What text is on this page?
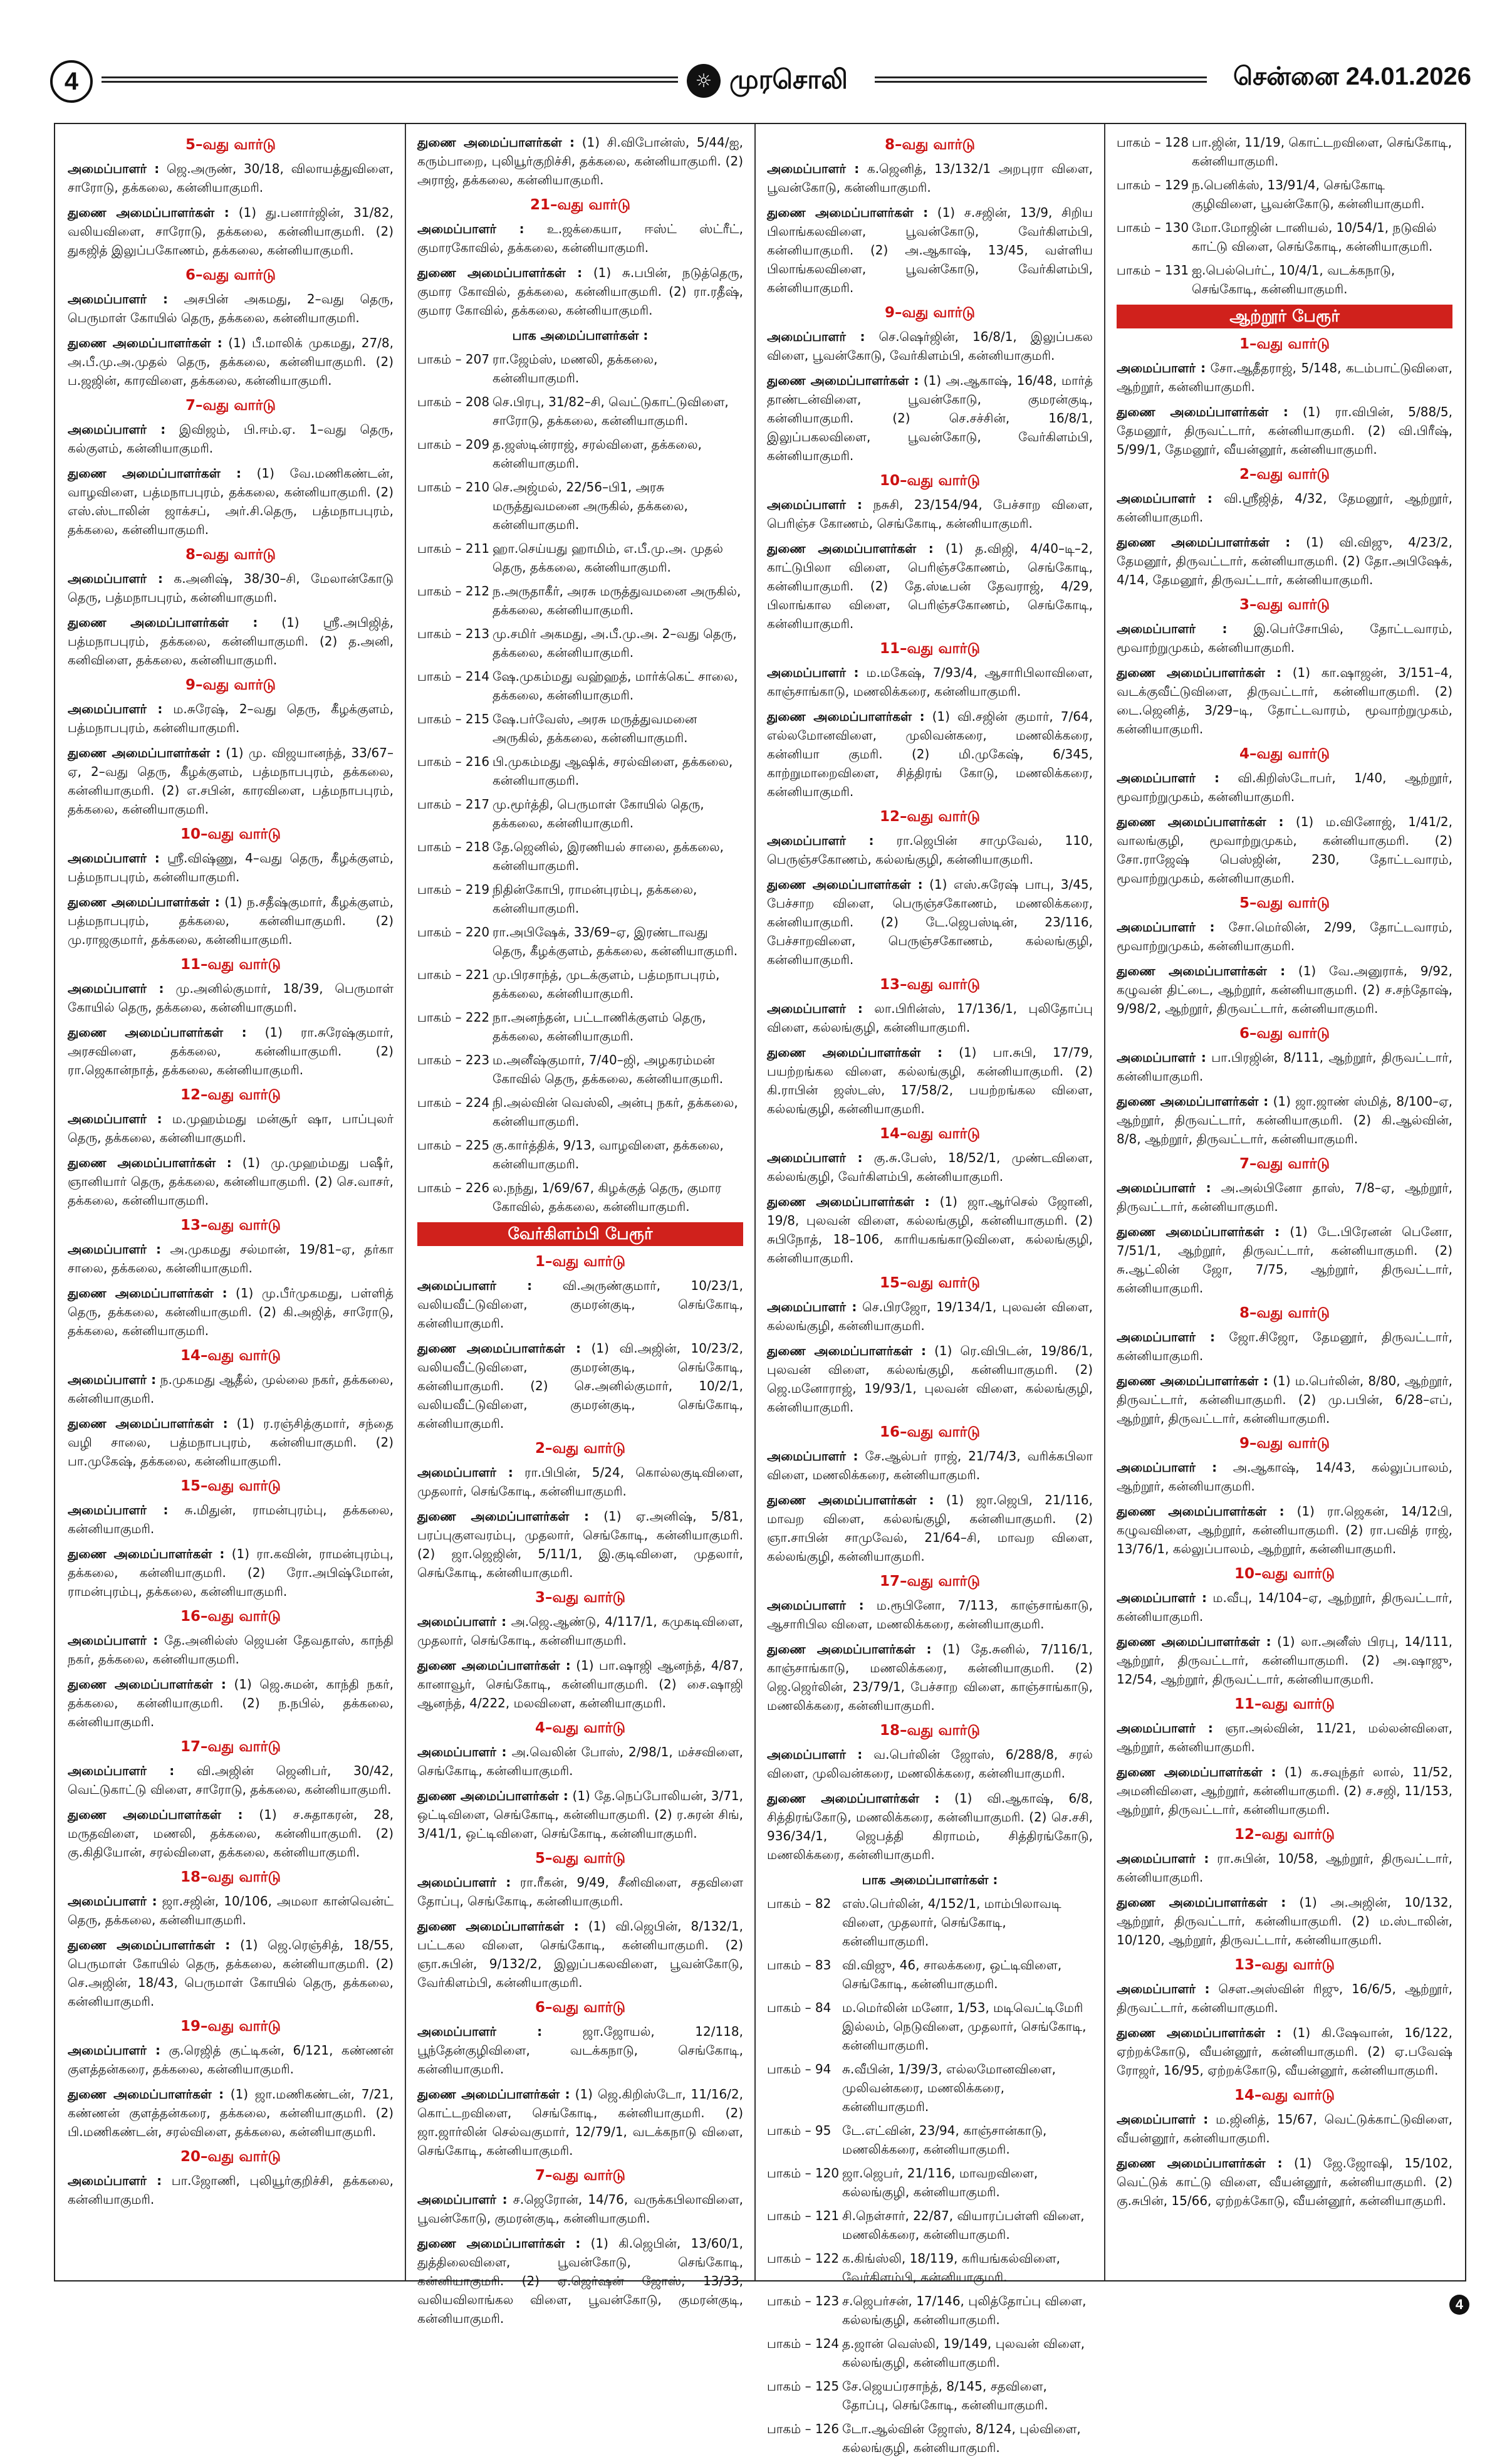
4	☼ முரசொலி	சென்னை 24.01.2026
5–வது வார்டு
அமைப்பாளர் : ஜெ.அருண், 30/18, விலாயத்துவிளை, சாரோடு, தக்கலை, கன்னியாகுமரி.
துணை அமைப்பாளர்கள் : (1) து.பனார்ஜின், 31/82, வலியவிளை, சாரோடு, தக்கலை, கன்னியாகுமரி. (2) துகஜித் இலுப்பகோணம், தக்கலை, கன்னியாகுமரி.
6–வது வார்டு
அமைப்பாளர் : அசபின் அகமது, 2–வது தெரு, பெருமாள் கோயில் தெரு, தக்கலை, கன்னியாகுமரி.
துணை அமைப்பாளர்கள் : (1) பீ.மாலிக் முகமது, 27/8, அ.பீ.மு.அ.முதல் தெரு, தக்கலை, கன்னியாகுமரி. (2) ப.ஜஜின், காரவிளை, தக்கலை, கன்னியாகுமரி.
7–வது வார்டு
அமைப்பாளர் : இவிஜம், பி.ஈம்.ஏ. 1–வது தெரு, கல்குளம், கன்னியாகுமரி.
துணை அமைப்பாளர்கள் : (1) வே.மணிகண்டன், வாழவிளை, பத்மநாபபுரம், தக்கலை, கன்னியாகுமரி. (2) எஸ்.ஸ்டாலின் ஜாக்சப், அர்.சி.தெரு, பத்மநாபபுரம், தக்கலை, கன்னியாகுமரி.
8–வது வார்டு
அமைப்பாளர் : க.அனிஷ், 38/30–சி, மேலான்கோடு தெரு, பத்மநாபபுரம், கன்னியாகுமரி.
துணை அமைப்பாளர்கள் : (1) ஸ்ரீ.அபிஜித், பத்மநாபபுரம், தக்கலை, கன்னியாகுமரி. (2) த.அனி, கனிவிளை, தக்கலை, கன்னியாகுமரி.
9–வது வார்டு
அமைப்பாளர் : ம.சுரேஷ், 2–வது தெரு, கீழக்குளம், பத்மநாபபுரம், கன்னியாகுமரி.
துணை அமைப்பாளர்கள் : (1) மு. விஜயானந்த், 33/67–ஏ, 2–வது தெரு, கீழக்குளம், பத்மநாபபுரம், தக்கலை, கன்னியாகுமரி. (2) எ.சபின், காரவிளை, பத்மநாபபுரம், தக்கலை, கன்னியாகுமரி.
10–வது வார்டு
அமைப்பாளர் : ஸ்ரீ.விஷ்ணு, 4–வது தெரு, கீழக்குளம், பத்மநாபபுரம், கன்னியாகுமரி.
துணை அமைப்பாளர்கள் : (1) ந.சதீஷ்குமார், கீழக்குளம், பத்மநாபபுரம், தக்கலை, கன்னியாகுமரி. (2) மு.ராஜகுமார், தக்கலை, கன்னியாகுமரி.
11–வது வார்டு
அமைப்பாளர் : மு.அனில்குமார், 18/39, பெருமாள் கோயில் தெரு, தக்கலை, கன்னியாகுமரி.
துணை அமைப்பாளர்கள் : (1) ரா.சுரேஷ்குமார், அரசவிளை, தக்கலை, கன்னியாகுமரி. (2) ரா.ஜெகான்நாத், தக்கலை, கன்னியாகுமரி.
12–வது வார்டு
அமைப்பாளர் : ம.முஹம்மது மன்சூர் ஷா, பாப்புலர் தெரு, தக்கலை, கன்னியாகுமரி.
துணை அமைப்பாளர்கள் : (1) மு.முஹம்மது பஷீர், ஞானியார் தெரு, தக்கலை, கன்னியாகுமரி. (2) செ.வாசர், தக்கலை, கன்னியாகுமரி.
13–வது வார்டு
அமைப்பாளர் : அ.முகமது சல்மான், 19/81–ஏ, தர்கா சாலை, தக்கலை, கன்னியாகுமரி.
துணை அமைப்பாளர்கள் : (1) மு.பீர்முகமது, பள்ளித் தெரு, தக்கலை, கன்னியாகுமரி. (2) கி.அஜித், சாரோடு, தக்கலை, கன்னியாகுமரி.
14–வது வார்டு
அமைப்பாளர் : ந.முகமது ஆதீல், முல்லை நகர், தக்கலை, கன்னியாகுமரி.
துணை அமைப்பாளர்கள் : (1) ர.ரஞ்சித்குமார், சந்தை வழி சாலை, பத்மநாபபுரம், கன்னியாகுமரி. (2) பா.முகேஷ், தக்கலை, கன்னியாகுமரி.
15–வது வார்டு
அமைப்பாளர் : சு.மிதுன், ராமன்புரம்பு, தக்கலை, கன்னியாகுமரி.
துணை அமைப்பாளர்கள் : (1) ரா.கவின், ராமன்புரம்பு, தக்கலை, கன்னியாகுமரி. (2) ரோ.அபிஷ்மோன், ராமன்புரம்பு, தக்கலை, கன்னியாகுமரி.
16–வது வார்டு
அமைப்பாளர் : தே.அனில்ஸ் ஜெயன் தேவதாஸ், காந்தி நகர், தக்கலை, கன்னியாகுமரி.
துணை அமைப்பாளர்கள் : (1) ஜெ.சுமன், காந்தி நகர், தக்கலை, கன்னியாகுமரி. (2) ந.நபில், தக்கலை, கன்னியாகுமரி.
17–வது வார்டு
அமைப்பாளர் : வி.அஜின் ஜெனிபர், 30/42, வெட்டுகாட்டு விளை, சாரோடு, தக்கலை, கன்னியாகுமரி.
துணை அமைப்பாளர்கள் : (1) ச.சுதாகரன், 28, மருதவிளை, மணலி, தக்கலை, கன்னியாகுமரி. (2) கு.கிதியோன், சரல்விளை, தக்கலை, கன்னியாகுமரி.
18–வது வார்டு
அமைப்பாளர் : ஜா.சஜின், 10/106, அமலா கான்வென்ட் தெரு, தக்கலை, கன்னியாகுமரி.
துணை அமைப்பாளர்கள் : (1) ஜெ.ரெஞ்சித், 18/55, பெருமாள் கோயில் தெரு, தக்கலை, கன்னியாகுமரி. (2) செ.அஜின், 18/43, பெருமாள் கோயில் தெரு, தக்கலை, கன்னியாகுமரி.
19–வது வார்டு
அமைப்பாளர் : கு.ரெஜித் குட்டிகன், 6/121, கண்ணன் குளத்தன்கரை, தக்கலை, கன்னியாகுமரி.
துணை அமைப்பாளர்கள் : (1) ஜா.மணிகண்டன், 7/21, கண்ணன் குளத்தன்கரை, தக்கலை, கன்னியாகுமரி. (2) பி.மணிகண்டன், சரல்விளை, தக்கலை, கன்னியாகுமரி.
20–வது வார்டு
அமைப்பாளர் : பா.ஜோணி, புலியூர்குறிச்சி, தக்கலை, கன்னியாகுமரி.
துணை அமைப்பாளர்கள் : (1) சி.விபோன்ஸ், 5/44/ஐ, கரும்பாறை, புலியூர்குறிச்சி, தக்கலை, கன்னியாகுமரி. (2) அராஜ், தக்கலை, கன்னியாகுமரி.
21–வது வார்டு
அமைப்பாளர் : உ.ஜக்கையா, ஈஸ்ட் ஸ்ட்ரீட், குமாரகோவில், தக்கலை, கன்னியாகுமரி.
துணை அமைப்பாளர்கள் : (1) சு.பபின், நடுத்தெரு, குமார கோவில், தக்கலை, கன்னியாகுமரி. (2) ரா.ரதீஷ், குமார கோவில், தக்கலை, கன்னியாகுமரி.
பாக அமைப்பாளர்கள் :
பாகம் – 207 ரா.ஜேம்ஸ், மணலி, தக்கலை, கன்னியாகுமரி.
பாகம் – 208 செ.பிரபு, 31/82–சி, வெட்டுகாட்டுவிளை, சாரோடு, தக்கலை, கன்னியாகுமரி.
பாகம் – 209 த.ஜஸ்டின்ராஜ், சரல்விளை, தக்கலை, கன்னியாகுமரி.
பாகம் – 210 செ.அஜ்மல், 22/56–பி1, அரசு மருத்துவமனை அருகில், தக்கலை, கன்னியாகுமரி.
பாகம் – 211 ஹா.செய்யது ஹாமிம், எ.பீ.மு.அ. முதல் தெரு, தக்கலை, கன்னியாகுமரி.
பாகம் – 212 ந.அருதாகீர், அரசு மருத்துவமனை அருகில், தக்கலை, கன்னியாகுமரி.
பாகம் – 213 மு.சமிர் அகமது, அ.பீ.மு.அ. 2–வது தெரு, தக்கலை, கன்னியாகுமரி.
பாகம் – 214 ஷே.முகம்மது வஹ்ஹத், மார்க்கெட் சாலை, தக்கலை, கன்னியாகுமரி.
பாகம் – 215 ஷே.பர்வேஸ், அரசு மருத்துவமனை அருகில், தக்கலை, கன்னியாகுமரி.
பாகம் – 216 பி.முகம்மது ஆஷிக், சரல்விளை, தக்கலை, கன்னியாகுமரி.
பாகம் – 217 மு.மூர்த்தி, பெருமாள் கோயில் தெரு, தக்கலை, கன்னியாகுமரி.
பாகம் – 218 தே.ஜெனில், இரணியல் சாலை, தக்கலை, கன்னியாகுமரி.
பாகம் – 219 நிதின்கோபி, ராமன்புரம்பு, தக்கலை, கன்னியாகுமரி.
பாகம் – 220 ரா.அபிஷேக், 33/69–ஏ, இரண்டாவது தெரு, கீழக்குளம், தக்கலை, கன்னியாகுமரி.
பாகம் – 221 மு.பிரசாந்த், முடக்குளம், பத்மநாபபுரம், தக்கலை, கன்னியாகுமரி.
பாகம் – 222 நா.அனந்தன், பட்டாணிக்குளம் தெரு, தக்கலை, கன்னியாகுமரி.
பாகம் – 223 ம.அனீஷ்குமார், 7/40–ஜி, அழகரம்மன் கோவில் தெரு, தக்கலை, கன்னியாகுமரி.
பாகம் – 224 நி.அல்வின் வெஸ்லி, அன்பு நகர், தக்கலை, கன்னியாகுமரி.
பாகம் – 225 கு.கார்த்திக், 9/13, வாழவிளை, தக்கலை, கன்னியாகுமரி.
பாகம் – 226 ல.நந்து, 1/69/67, கிழக்குத் தெரு, குமார கோவில், தக்கலை, கன்னியாகுமரி.
வேர்கிளம்பி பேரூர்
1–வது வார்டு
அமைப்பாளர் : வி.அருண்குமார், 10/23/1, வலியவீட்டுவிளை, குமரன்குடி, செங்கோடி, கன்னியாகுமரி.
துணை அமைப்பாளர்கள் : (1) வி.அஜின், 10/23/2, வலியவீட்டுவிளை, குமரன்குடி, செங்கோடி, கன்னியாகுமரி. (2) செ.அனில்குமார், 10/2/1, வலியவீட்டுவிளை, குமரன்குடி, செங்கோடி, கன்னியாகுமரி.
2–வது வார்டு
அமைப்பாளர் : ரா.பிபின், 5/24, கொல்லகுடிவிளை, முதலார், செங்கோடி, கன்னியாகுமரி.
துணை அமைப்பாளர்கள் : (1) ஏ.அனிஷ், 5/81, பரப்புகுளவரம்பு, முதலார், செங்கோடி, கன்னியாகுமரி. (2) ஜா.ஜெஜின், 5/11/1, இ.குடிவிளை, முதலார், செங்கோடி, கன்னியாகுமரி.
3–வது வார்டு
அமைப்பாளர் : அ.ஜெ.ஆண்டு, 4/117/1, கமுகடிவிளை, முதலார், செங்கோடி, கன்னியாகுமரி.
துணை அமைப்பாளர்கள் : (1) பா.ஷாஜி ஆனந்த், 4/87, கானாவூர், செங்கோடி, கன்னியாகுமரி. (2) சை.ஷாஜி ஆனந்த், 4/222, மலவிளை, கன்னியாகுமரி.
4–வது வார்டு
அமைப்பாளர் : அ.வெலின் போஸ், 2/98/1, மச்சவிளை, செங்கோடி, கன்னியாகுமரி.
துணை அமைப்பாளர்கள் : (1) தே.நெப்போலியன், 3/71, ஒட்டிவிளை, செங்கோடி, கன்னியாகுமரி. (2) ர.சுரன் சிங், 3/41/1, ஒட்டிவிளை, செங்கோடி, கன்னியாகுமரி.
5–வது வார்டு
அமைப்பாளர் : ரா.ரீகன், 9/49, சீனிவிளை, சதவிளை தோப்பு, செங்கோடி, கன்னியாகுமரி.
துணை அமைப்பாளர்கள் : (1) வி.ஜெபின், 8/132/1, பட்டகல விளை, செங்கோடி, கன்னியாகுமரி. (2) ஞா.சுபின், 9/132/2, இலுப்பகலவிளை, பூவன்கோடு, வேர்கிளம்பி, கன்னியாகுமரி.
6–வது வார்டு
அமைப்பாளர் :	ஜா.ஜோயல், 12/118, பூந்தேன்குழிவிளை, வடக்கநாடு, செங்கோடி, கன்னியாகுமரி.
துணை அமைப்பாளர்கள் : (1) ஜெ.கிறிஸ்டோ, 11/16/2, கொட்டறவிளை, செங்கோடி, கன்னியாகுமரி. (2) ஜா.ஜார்லின் செல்வகுமார், 12/79/1, வடக்கநாடு விளை, செங்கோடி, கன்னியாகுமரி.
7–வது வார்டு
அமைப்பாளர் : ச.ஜெரோன், 14/76, வருக்கபிலாவிளை, பூவன்கோடு, குமரன்குடி, கன்னியாகுமரி.
துணை அமைப்பாளர்கள் : (1) கி.ஜெபின், 13/60/1, துத்திலைவிளை, பூவன்கோடு, செங்கோடி, கன்னியாகுமரி. (2) ஏ.ஜெர்ஷன் ஜோஸ், 13/33, வலியவிலாங்கல விளை, பூவன்கோடு, குமரன்குடி, கன்னியாகுமரி.
8–வது வார்டு
அமைப்பாளர் : க.ஜெனித், 13/132/1 அறபுரா விளை, பூவன்கோடு, கன்னியாகுமரி.
துணை அமைப்பாளர்கள் : (1) ச.சஜின், 13/9, சிறிய பிலாங்கலவிளை, பூவன்கோடு, வேர்கிளம்பி, கன்னியாகுமரி. (2) அ.ஆகாஷ், 13/45, வள்ளிய பிலாங்கலவிளை, பூவன்கோடு, வேர்கிளம்பி, கன்னியாகுமரி.
9–வது வார்டு
அமைப்பாளர் : செ.ஷெர்ஜின், 16/8/1, இலுப்பகல விளை, பூவன்கோடு, வேர்கிளம்பி, கன்னியாகுமரி.
துணை அமைப்பாளர்கள் : (1) அ.ஆகாஷ், 16/48, மார்த் தாண்டன்விளை, பூவன்கோடு, குமரன்குடி, கன்னியாகுமரி. (2) செ.சச்சின், 16/8/1, இலுப்பகலவிளை, பூவன்கோடு, வேர்கிளம்பி, கன்னியாகுமரி.
10–வது வார்டு
அமைப்பாளர் : நசுசி, 23/154/94, பேச்சாற விளை, பெரிஞ்ச கோணம், செங்கோடி, கன்னியாகுமரி.
துணை அமைப்பாளர்கள் : (1) த.விஜி, 4/40–டி–2, காட்டுபிலா விளை, பெரிஞ்சகோணம், செங்கோடி, கன்னியாகுமரி. (2) தே.ஸ்டீபன் தேவராஜ், 4/29, பிலாங்கால விளை, பெரிஞ்சகோணம், செங்கோடி, கன்னியாகுமரி.
11–வது வார்டு
அமைப்பாளர் : ம.மகேஷ், 7/93/4, ஆசாரிபிலாவிளை, காஞ்சாங்காடு, மணலிக்கரை, கன்னியாகுமரி.
துணை அமைப்பாளர்கள் : (1) வி.சஜின் குமார், 7/64, எல்லமோனவிளை, முலிவன்கரை, மணலிக்கரை, கன்னியா குமரி. (2) மி.முகேஷ், 6/345, காற்றுமாறைவிளை, சித்திரங் கோடு, மணலிக்கரை, கன்னியாகுமரி.
12–வது வார்டு
அமைப்பாளர் : ரா.ஜெபின் சாமுவேல், 110, பெருஞ்சகோணம், கல்லங்குழி, கன்னியாகுமரி.
துணை அமைப்பாளர்கள் : (1) எஸ்.சுரேஷ் பாபு, 3/45, பேச்சாற விளை, பெருஞ்சகோணம், மணலிக்கரை, கன்னியாகுமரி. (2) டே.ஜெபஸ்டின், 23/116, பேச்சாறவிளை, பெருஞ்சகோணம், கல்லங்குழி, கன்னியாகுமரி.
13–வது வார்டு
அமைப்பாளர் : லா.பிரின்ஸ், 17/136/1, புலிதோப்பு விளை, கல்லங்குழி, கன்னியாகுமரி.
துணை அமைப்பாளர்கள் : (1) பா.சுபி, 17/79, பயற்றங்கல விளை, கல்லங்குழி, கன்னியாகுமரி. (2) கி.ராபின் ஜஸ்டஸ், 17/58/2, பயற்றங்கல விளை, கல்லங்குழி, கன்னியாகுமரி.
14–வது வார்டு
அமைப்பாளர் : கு.சு.பேஸ், 18/52/1, முண்டவிளை, கல்லங்குழி, வேர்கிளம்பி, கன்னியாகுமரி.
துணை அமைப்பாளர்கள் : (1) ஜா.ஆர்செல் ஜோனி, 19/8, புலவன் விளை, கல்லங்குழி, கன்னியாகுமரி. (2) சுபிநோத், 18–106, காரியகங்காடுவிளை, கல்லங்குழி, கன்னியாகுமரி.
15–வது வார்டு
அமைப்பாளர் : செ.பிரஜோ, 19/134/1, புலவன் விளை, கல்லங்குழி, கன்னியாகுமரி.
துணை அமைப்பாளர்கள் : (1) ரெ.விபிடன், 19/86/1, புலவன் விளை, கல்லங்குழி, கன்னியாகுமரி. (2) ஜெ.மனோராஜ், 19/93/1, புலவன் விளை, கல்லங்குழி, கன்னியாகுமரி.
16–வது வார்டு
அமைப்பாளர் : சே.ஆல்பர் ராஜ், 21/74/3, வரிக்கபிலா விளை, மணலிக்கரை, கன்னியாகுமரி.
துணை அமைப்பாளர்கள் : (1) ஜா.ஜெபி, 21/116, மாவற விளை, கல்லங்குழி, கன்னியாகுமரி. (2) ஞா.சாபின் சாமுவேல், 21/64–சி, மாவற விளை, கல்லங்குழி, கன்னியாகுமரி.
17–வது வார்டு
அமைப்பாளர் : ம.ரூபினோ, 7/113, காஞ்சாங்காடு, ஆசாரிபில விளை, மணலிக்கரை, கன்னியாகுமரி.
துணை அமைப்பாளர்கள் : (1) தே.சுனில், 7/116/1, காஞ்சாங்காடு, மணலிக்கரை, கன்னியாகுமரி. (2) ஜெ.ஜெர்லின், 23/79/1, பேச்சாற விளை, காஞ்சாங்காடு, மணலிக்கரை, கன்னியாகுமரி.
18–வது வார்டு
அமைப்பாளர் : வ.பெர்லின் ஜோஸ், 6/288/8, சரல் விளை, முலிவன்கரை, மணலிக்கரை, கன்னியாகுமரி.
துணை அமைப்பாளர்கள் : (1) வி.ஆகாஷ், 6/8, சித்திரங்கோடு, மணலிக்கரை, கன்னியாகுமரி. (2) செ.சசி, 936/34/1, ஜெபத்தி கிராமம், சித்திரங்கோடு, மணலிக்கரை, கன்னியாகுமரி.
பாக அமைப்பாளர்கள் :
பாகம் – 82 எஸ்.பெர்லின், 4/152/1, மாம்பிலாவடி விளை, முதலார், செங்கோடி, கன்னியாகுமரி.
பாகம் – 83 வி.விஜு, 46, சாலக்கரை, ஒட்டிவிளை, செங்கோடி, கன்னியாகுமரி.
பாகம் – 84 ம.மெர்லின் மனோ, 1/53, மடிவெட்டிமேரி இல்லம், நெடுவிளை, முதலார், செங்கோடி, கன்னியாகுமரி.
பாகம் – 94 சு.வீபின், 1/39/3, எல்லமோனவிளை, முலிவன்கரை, மணலிக்கரை, கன்னியாகுமரி.
பாகம் – 95 டே.எட்வின், 23/94, காஞ்சான்காடு, மணலிக்கரை, கன்னியாகுமரி.
பாகம் – 120 ஜா.ஜெபர், 21/116, மாவறவிளை, கல்லங்குழி, கன்னியாகுமரி.
பாகம் – 121 சி.நெள்சார், 22/87, வியாரப்பள்ளி விளை, மணலிக்கரை, கன்னியாகுமரி.
பாகம் – 122 க.கிங்ஸ்லி, 18/119, கரியங்கல்விளை, வேர்கிளம்பி, கன்னியாகுமரி.
பாகம் – 123 ச.ஜெபர்சன், 17/146, புலித்தோப்பு விளை, கல்லங்குழி, கன்னியாகுமரி.
பாகம் – 124 த.ஜான் வெஸ்லி, 19/149, புலவன் விளை, கல்லங்குழி, கன்னியாகுமரி.
பாகம் – 125 சே.ஜெயப்ரசாந்த், 8/145, சதவிளை, தோப்பு, செங்கோடி, கன்னியாகுமரி.
பாகம் – 126 டோ.ஆல்வின் ஜோஸ், 8/124, புல்விளை, கல்லங்குழி, கன்னியாகுமரி.
பாகம் – 128 பா.ஜின், 11/19, கொட்டறவிளை, செங்கோடி, கன்னியாகுமரி.
பாகம் – 129 ந.பெனிக்ஸ், 13/91/4, செங்கோடி குழிவிளை, பூவன்கோடு, கன்னியாகுமரி.
பாகம் – 130 மோ.மோஜின் டானியல், 10/54/1, நடுவில் காட்டு விளை, செங்கோடி, கன்னியாகுமரி.
பாகம் – 131 ஐ.பெல்பெர்ட், 10/4/1, வடக்கநாடு, செங்கோடி, கன்னியாகுமரி.
ஆற்றூர் பேரூர்
1–வது வார்டு
அமைப்பாளர் : சோ.ஆதீதராஜ், 5/148, கடம்பாட்டுவிளை, ஆற்றூர், கன்னியாகுமரி.
துணை அமைப்பாளர்கள் : (1) ரா.விபின், 5/88/5, தேமனூர், திருவட்டார், கன்னியாகுமரி. (2) வி.பிரீஷ், 5/99/1, தேமனூர், வீயன்னூர், கன்னியாகுமரி.
2–வது வார்டு
அமைப்பாளர் : வி.ஸ்ரீஜித், 4/32, தேமனூர், ஆற்றூர், கன்னியாகுமரி.
துணை அமைப்பாளர்கள் : (1) வி.விஜு, 4/23/2, தேமனூர், திருவட்டார், கன்னியாகுமரி. (2) தோ.அபிஷேக், 4/14, தேமனூர், திருவட்டார், கன்னியாகுமரி.
3–வது வார்டு
அமைப்பாளர் : இ.பெர்சோபில், தோட்டவாரம், மூவாற்றுமுகம், கன்னியாகுமரி.
துணை அமைப்பாளர்கள் : (1) கா.ஷாஜன், 3/151–4, வடக்குவீட்டுவிளை, திருவட்டார், கன்னியாகுமரி. (2) டை.ஜெனித், 3/29–டி, தோட்டவாரம், மூவாற்றுமுகம், கன்னியாகுமரி.
4–வது வார்டு
அமைப்பாளர் : வி.கிறிஸ்டோபர், 1/40, ஆற்றூர், மூவாற்றுமுகம், கன்னியாகுமரி.
துணை அமைப்பாளர்கள் : (1) ம.வினோஜ், 1/41/2, வாலங்குழி, மூவாற்றுமுகம், கன்னியாகுமரி. (2) சோ.ராஜேஷ் பெஸ்ஜின், 230, தோட்டவாரம், மூவாற்றுமுகம், கன்னியாகுமரி.
5–வது வார்டு
அமைப்பாளர் : சோ.மெர்லின், 2/99, தோட்டவாரம், மூவாற்றுமுகம், கன்னியாகுமரி.
துணை அமைப்பாளர்கள் : (1) வே.அனுராக், 9/92, கழுவன் திட்டை, ஆற்றூர், கன்னியாகுமரி. (2) ச.சந்தோஷ், 9/98/2, ஆற்றூர், திருவட்டார், கன்னியாகுமரி.
6–வது வார்டு
அமைப்பாளர் : பா.பிரஜின், 8/111, ஆற்றூர், திருவட்டார், கன்னியாகுமரி.
துணை அமைப்பாளர்கள் : (1) ஜா.ஜாண் ஸ்மித், 8/100–ஏ, ஆற்றூர், திருவட்டார், கன்னியாகுமரி. (2) கி.ஆல்வின், 8/8, ஆற்றூர், திருவட்டார், கன்னியாகுமரி.
7–வது வார்டு
அமைப்பாளர் : அ.அல்பினோ தாஸ், 7/8–ஏ, ஆற்றூர், திருவட்டார், கன்னியாகுமரி.
துணை அமைப்பாளர்கள் : (1) டே.பிரேனன் பெனோ, 7/51/1, ஆற்றூர், திருவட்டார், கன்னியாகுமரி. (2) சு.ஆட்லின் ஜோ, 7/75, ஆற்றூர், திருவட்டார், கன்னியாகுமரி.
8–வது வார்டு
அமைப்பாளர் : ஜோ.சிஜோ, தேமனூர், திருவட்டார், கன்னியாகுமரி.
துணை அமைப்பாளர்கள் : (1) ம.பெர்லின், 8/80, ஆற்றூர், திருவட்டார், கன்னியாகுமரி. (2) மு.பபின், 6/28–எப், ஆற்றூர், திருவட்டார், கன்னியாகுமரி.
9–வது வார்டு
அமைப்பாளர் : அ.ஆகாஷ், 14/43, கல்லுப்பாலம், ஆற்றூர், கன்னியாகுமரி.
துணை அமைப்பாளர்கள் : (1) ரா.ஜெகன், 14/12பி, கழுவவிளை, ஆற்றூர், கன்னியாகுமரி. (2) ரா.பவித் ராஜ், 13/76/1, கல்லுப்பாலம், ஆற்றூர், கன்னியாகுமரி.
10–வது வார்டு
அமைப்பாளர் : ம.வீபு, 14/104–ஏ, ஆற்றூர், திருவட்டார், கன்னியாகுமரி.
துணை அமைப்பாளர்கள் : (1) லா.அனீஸ் பிரபு, 14/111, ஆற்றூர், திருவட்டார், கன்னியாகுமரி. (2) அ.ஷாஜு, 12/54, ஆற்றூர், திருவட்டார், கன்னியாகுமரி.
11–வது வார்டு
அமைப்பாளர் : ஞா.அல்வின், 11/21, மல்லன்விளை, ஆற்றூர், கன்னியாகுமரி.
துணை அமைப்பாளர்கள் : (1) க.சவுந்தர் லால், 11/52, அமனிவிளை, ஆற்றூர், கன்னியாகுமரி. (2) ச.சஜி, 11/153, ஆற்றூர், திருவட்டார், கன்னியாகுமரி.
12–வது வார்டு
அமைப்பாளர் : ரா.சுபின், 10/58, ஆற்றூர், திருவட்டார், கன்னியாகுமரி.
துணை அமைப்பாளர்கள் : (1) அ.அஜின், 10/132, ஆற்றூர், திருவட்டார், கன்னியாகுமரி. (2) ம.ஸ்டாலின், 10/120, ஆற்றூர், திருவட்டார், கன்னியாகுமரி.
13–வது வார்டு
அமைப்பாளர் : செள.அஸ்வின் ரிஜு, 16/6/5, ஆற்றூர், திருவட்டார், கன்னியாகுமரி.
துணை அமைப்பாளர்கள் : (1) கி.ஷேவான், 16/122, ஏற்றக்கோடு, வீயன்னூர், கன்னியாகுமரி. (2) ஏ.பவேஷ் ரோஜர், 16/95, ஏற்றக்கோடு, வீயன்னூர், கன்னியாகுமரி.
14–வது வார்டு
அமைப்பாளர் : ம.ஜினித், 15/67, வெட்டுக்காட்டுவிளை, வீயன்னூர், கன்னியாகுமரி.
துணை அமைப்பாளர்கள் : (1) ஜே.ஜோஷி, 15/102, வெட்டுக் காட்டு விளை, வீயன்னூர், கன்னியாகுமரி. (2) கு.சுபின், 15/66, ஏற்றக்கோடு, வீயன்னூர், கன்னியாகுமரி.
4
